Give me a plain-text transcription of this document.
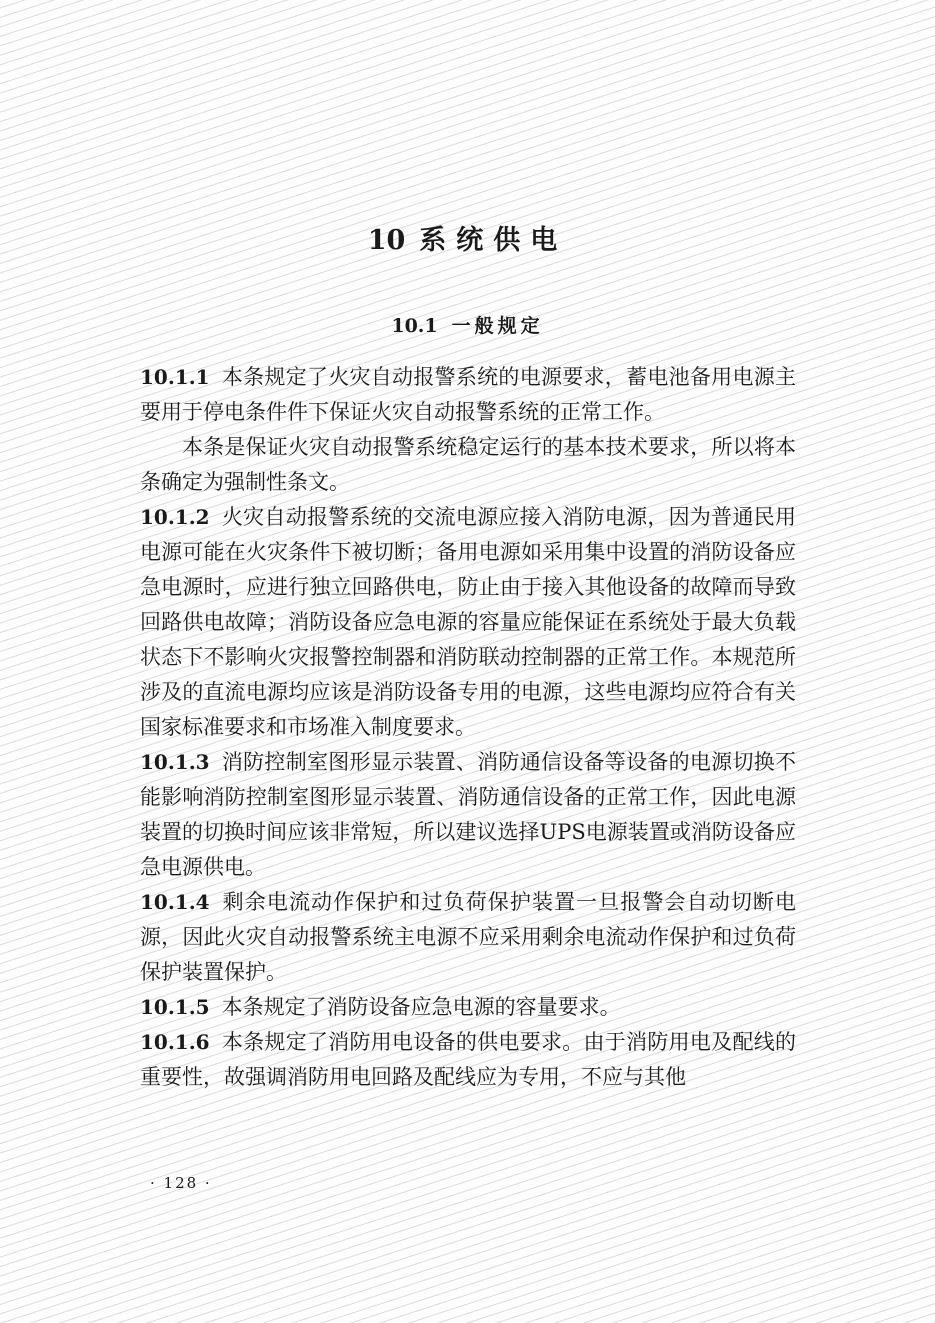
10 系统供电
10.1 一般规定

10.1.1 本条规定了火灾自动报警系统的电源要求，蓄电池备用电源主要用于停电条件件下保证火灾自动报警系统的正常工作。

本条是保证火灾自动报警系统稳定运行的基本技术要求，所以将本条确定为强制性条文。

10.1.2 火灾自动报警系统的交流电源应接入消防电源，因为普通民用电源可能在火灾条件下被切断；备用电源如采用集中设置的消防设备应急电源时，应进行独立回路供电，防止由于接入其他设备的故障而导致回路供电故障；消防设备应急电源的容量应能保证在系统处于最大负载状态下不影响火灾报警控制器和消防联动控制器的正常工作。本规范所涉及的直流电源均应该是消防设备专用的电源，这些电源均应符合有关国家标准要求和市场准入制度要求。

10.1.3 消防控制室图形显示装置、消防通信设备等设备的电源切换不能影响消防控制室图形显示装置、消防通信设备的正常工作，因此电源装置的切换时间应该非常短，所以建议选择UPS电源装置或消防设备应急电源供电。

10.1.4 剩余电流动作保护和过负荷保护装置一旦报警会自动切断电源，因此火灾自动报警系统主电源不应采用剩余电流动作保护和过负荷保护装置保护。

10.1.5 本条规定了消防设备应急电源的容量要求。

10.1.6 本条规定了消防用电设备的供电要求。由于消防用电及配线的重要性，故强调消防用电回路及配线应为专用，不应与其他

· 128 ·
